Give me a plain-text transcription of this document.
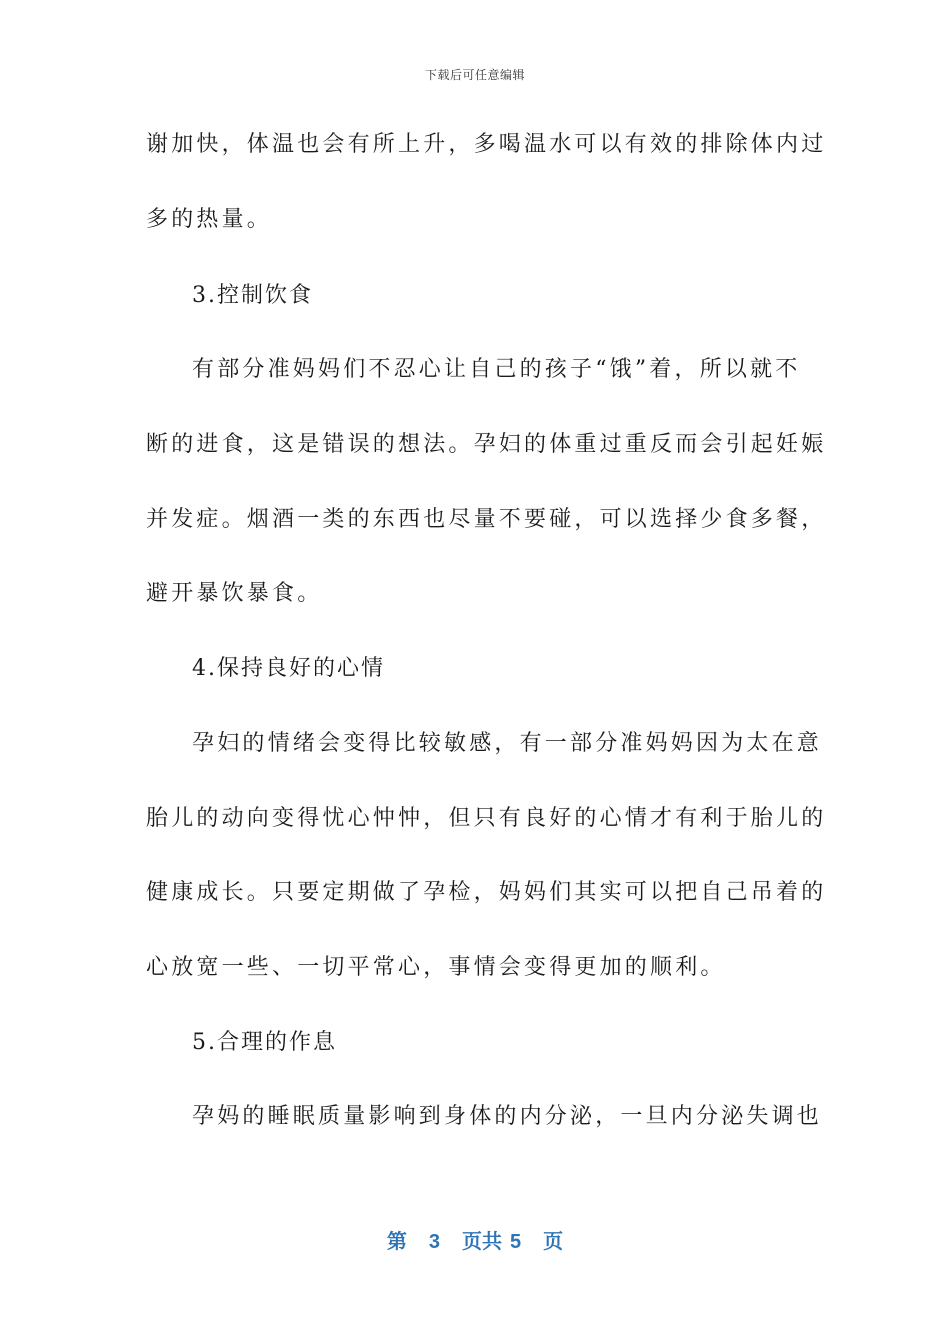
下载后可任意编辑
谢加快，体温也会有所上升，多喝温水可以有效的排除体内过
多的热量。
3.控制饮食
有部分准妈妈们不忍心让自己的孩子“饿”着，所以就不
断的进食，这是错误的想法。孕妇的体重过重反而会引起妊娠
并发症。烟酒一类的东西也尽量不要碰，可以选择少食多餐，
避开暴饮暴食。
4.保持良好的心情
孕妇的情绪会变得比较敏感，有一部分准妈妈因为太在意
胎儿的动向变得忧心忡忡，但只有良好的心情才有利于胎儿的
健康成长。只要定期做了孕检，妈妈们其实可以把自己吊着的
心放宽一些、一切平常心，事情会变得更加的顺利。
5.合理的作息
孕妈的睡眠质量影响到身体的内分泌，一旦内分泌失调也
第 3 页共 5 页
